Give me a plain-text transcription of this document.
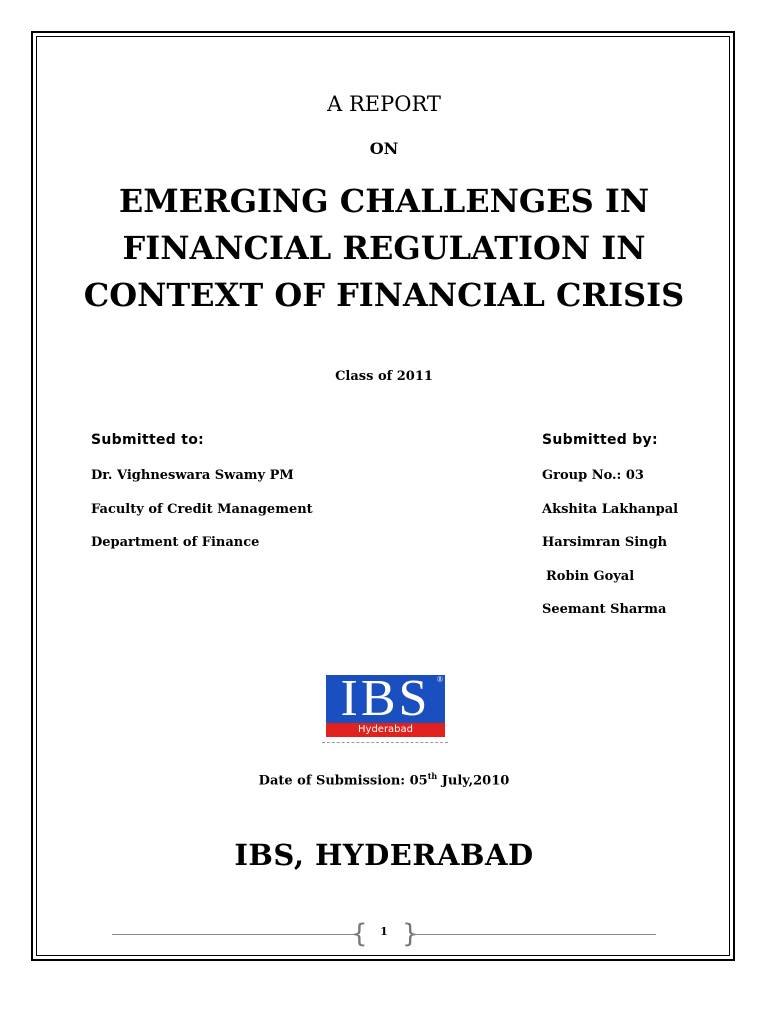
A REPORT
ON
EMERGING CHALLENGES IN
FINANCIAL REGULATION IN
CONTEXT OF FINANCIAL CRISIS
Class of 2011
Submitted to:
Dr. Vighneswara Swamy PM
Faculty of Credit Management
Department of Finance
Submitted by:
Group No.: 03
Akshita Lakhanpal
Harsimran Singh
Robin Goyal
Seemant Sharma
IBS ®
Hyderabad
Date of Submission: 05th July,2010
IBS, HYDERABAD
{	1 }
